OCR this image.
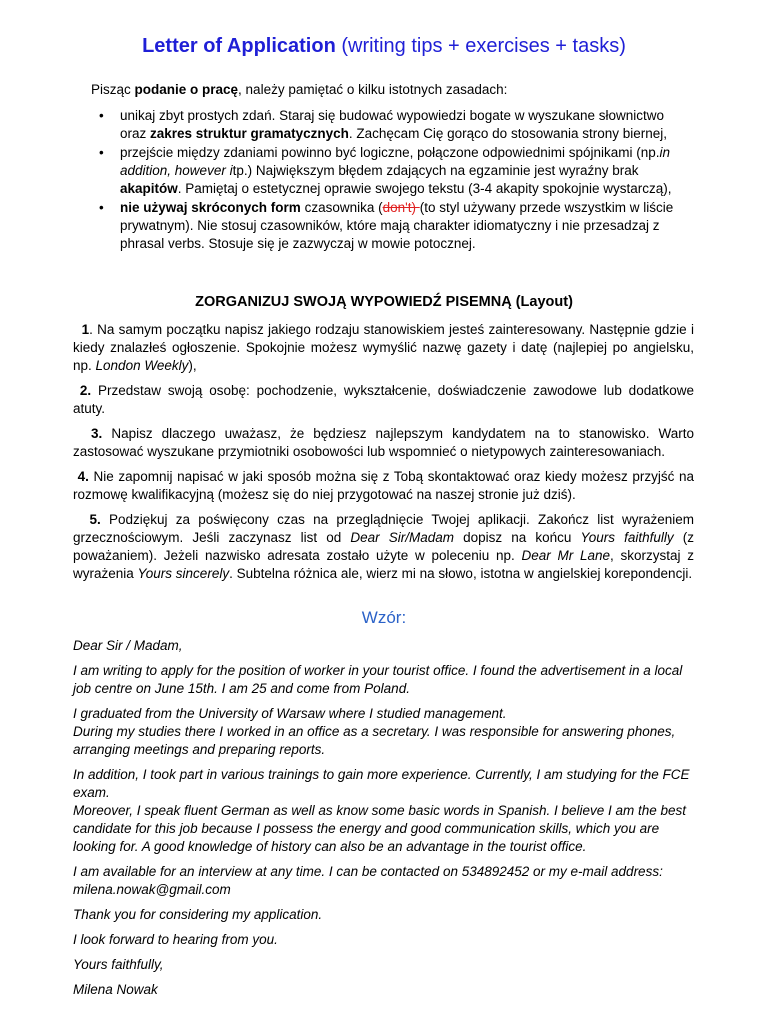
Letter of Application (writing tips + exercises + tasks)
Pisząc podanie o pracę, należy pamiętać o kilku istotnych zasadach:
• unikaj zbyt prostych zdań. Staraj się budować wypowiedzi bogate w wyszukane słownictwo oraz zakres struktur gramatycznych. Zachęcam Cię gorąco do stosowania strony biernej,
• przejście między zdaniami powinno być logiczne, połączone odpowiednimi spójnikami (np.in addition, however itp.) Największym błędem zdających na egzaminie jest wyraźny brak akapitów. Pamiętaj o estetycznej oprawie swojego tekstu (3-4 akapity spokojnie wystarczą),
• nie używaj skróconych form czasownika (don't) (to styl używany przede wszystkim w liście prywatnym). Nie stosuj czasowników, które mają charakter idiomatyczny i nie przesadzaj z phrasal verbs. Stosuje się je zazwyczaj w mowie potocznej.
ZORGANIZUJ SWOJĄ WYPOWIEDŹ PISEMNĄ (Layout)
1. Na samym początku napisz jakiego rodzaju stanowiskiem jesteś zainteresowany. Następnie gdzie i kiedy znalazłeś ogłoszenie. Spokojnie możesz wymyślić nazwę gazety i datę (najlepiej po angielsku, np. London Weekly),
2. Przedstaw swoją osobę: pochodzenie, wykształcenie, doświadczenie zawodowe lub dodatkowe atuty.
3. Napisz dlaczego uważasz, że będziesz najlepszym kandydatem na to stanowisko. Warto zastosować wyszukane przymiotniki osobowości lub wspomnieć o nietypowych zainteresowaniach.
4. Nie zapomnij napisać w jaki sposób można się z Tobą skontaktować oraz kiedy możesz przyjść na rozmowę kwalifikacyjną (możesz się do niej przygotować na naszej stronie już dziś).
5. Podziękuj za poświęcony czas na przeglądnięcie Twojej aplikacji. Zakończ list wyrażeniem grzecznościowym. Jeśli zaczynasz list od Dear Sir/Madam dopisz na końcu Yours faithfully (z poważaniem). Jeżeli nazwisko adresata zostało użyte w poleceniu np. Dear Mr Lane, skorzystaj z wyrażenia Yours sincerely. Subtelna różnica ale, wierz mi na słowo, istotna w angielskiej korepondencji.
Wzór:

Dear Sir / Madam,

I am writing to apply for the position of worker in your tourist office. I found the advertisement in a local job centre on June 15th. I am 25 and come from Poland.

I graduated from the University of Warsaw where I studied management.
During my studies there I worked in an office as a secretary. I was responsible for answering phones, arranging meetings and preparing reports.

In addition, I took part in various trainings to gain more experience. Currently, I am studying for the FCE exam.
Moreover, I speak fluent German as well as know some basic words in Spanish. I believe I am the best candidate for this job because I possess the energy and good communication skills, which you are looking for. A good knowledge of history can also be an advantage in the tourist office.

I am available for an interview at any time. I can be contacted on 534892452 or my e-mail address: milena.nowak@gmail.com

Thank you for considering my application.

I look forward to hearing from you.

Yours faithfully,

Milena Nowak
